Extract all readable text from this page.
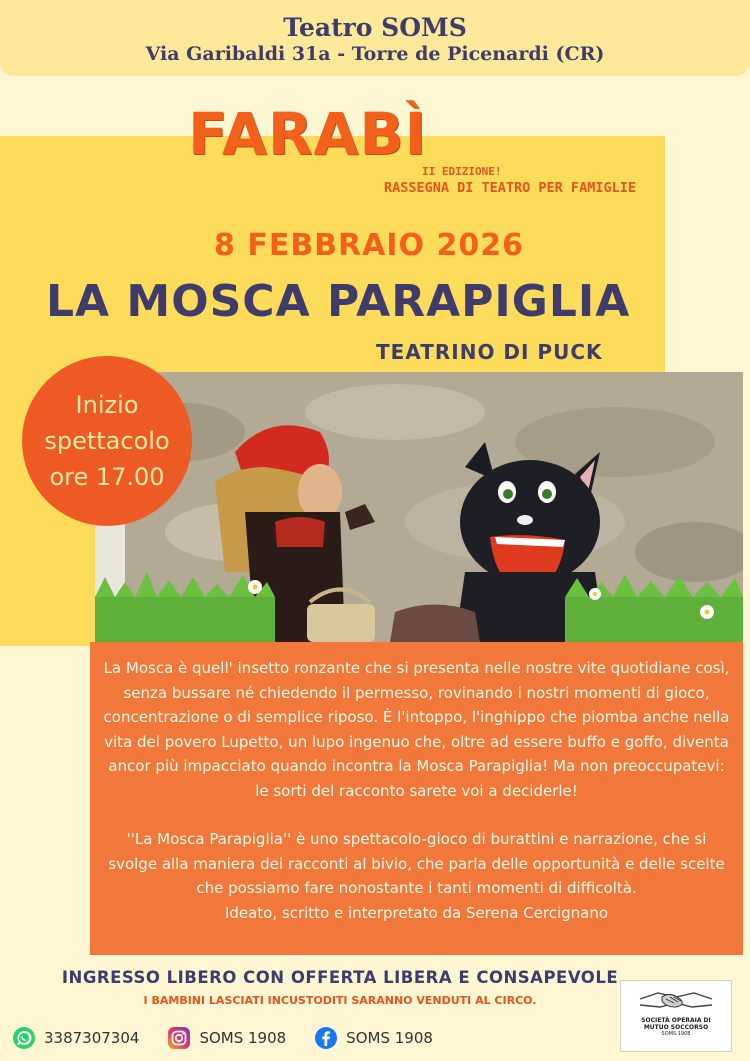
Teatro SOMS
Via Garibaldi 31a - Torre de Picenardi (CR)
FARABÌ
II EDIZIONE!
RASSEGNA DI TEATRO PER FAMIGLIE
8 FEBBRAIO 2026
LA MOSCA PARAPIGLIA
TEATRINO DI PUCK
Inizio
spettacolo
ore 17.00

La Mosca è quell' insetto ronzante che si presenta nelle nostre vite quotidiane così, senza bussare né chiedendo il permesso, rovinando i nostri momenti di gioco, concentrazione o di semplice riposo. È l'intoppo, l'inghippo che piomba anche nella vita del povero Lupetto, un lupo ingenuo che, oltre ad essere buffo e goffo, diventa ancor più impacciato quando incontra la Mosca Parapiglia! Ma non preoccupatevi: le sorti del racconto sarete voi a deciderle!

''La Mosca Parapiglia'' è uno spettacolo-gioco di burattini e narrazione, che si svolge alla maniera dei racconti al bivio, che parla delle opportunità e delle scelte che possiamo fare nonostante i tanti momenti di difficoltà.
Ideato, scritto e interpretato da Serena Cercignano
INGRESSO LIBERO CON OFFERTA LIBERA E CONSAPEVOLE
I BAMBINI LASCIATI INCUSTODITI SARANNO VENDUTI AL CIRCO.
3387307304	SOMS 1908	SOMS 1908
SOCIETÀ OPERAIA DI
MUTUO SOCCORSO
SOMS 1908
